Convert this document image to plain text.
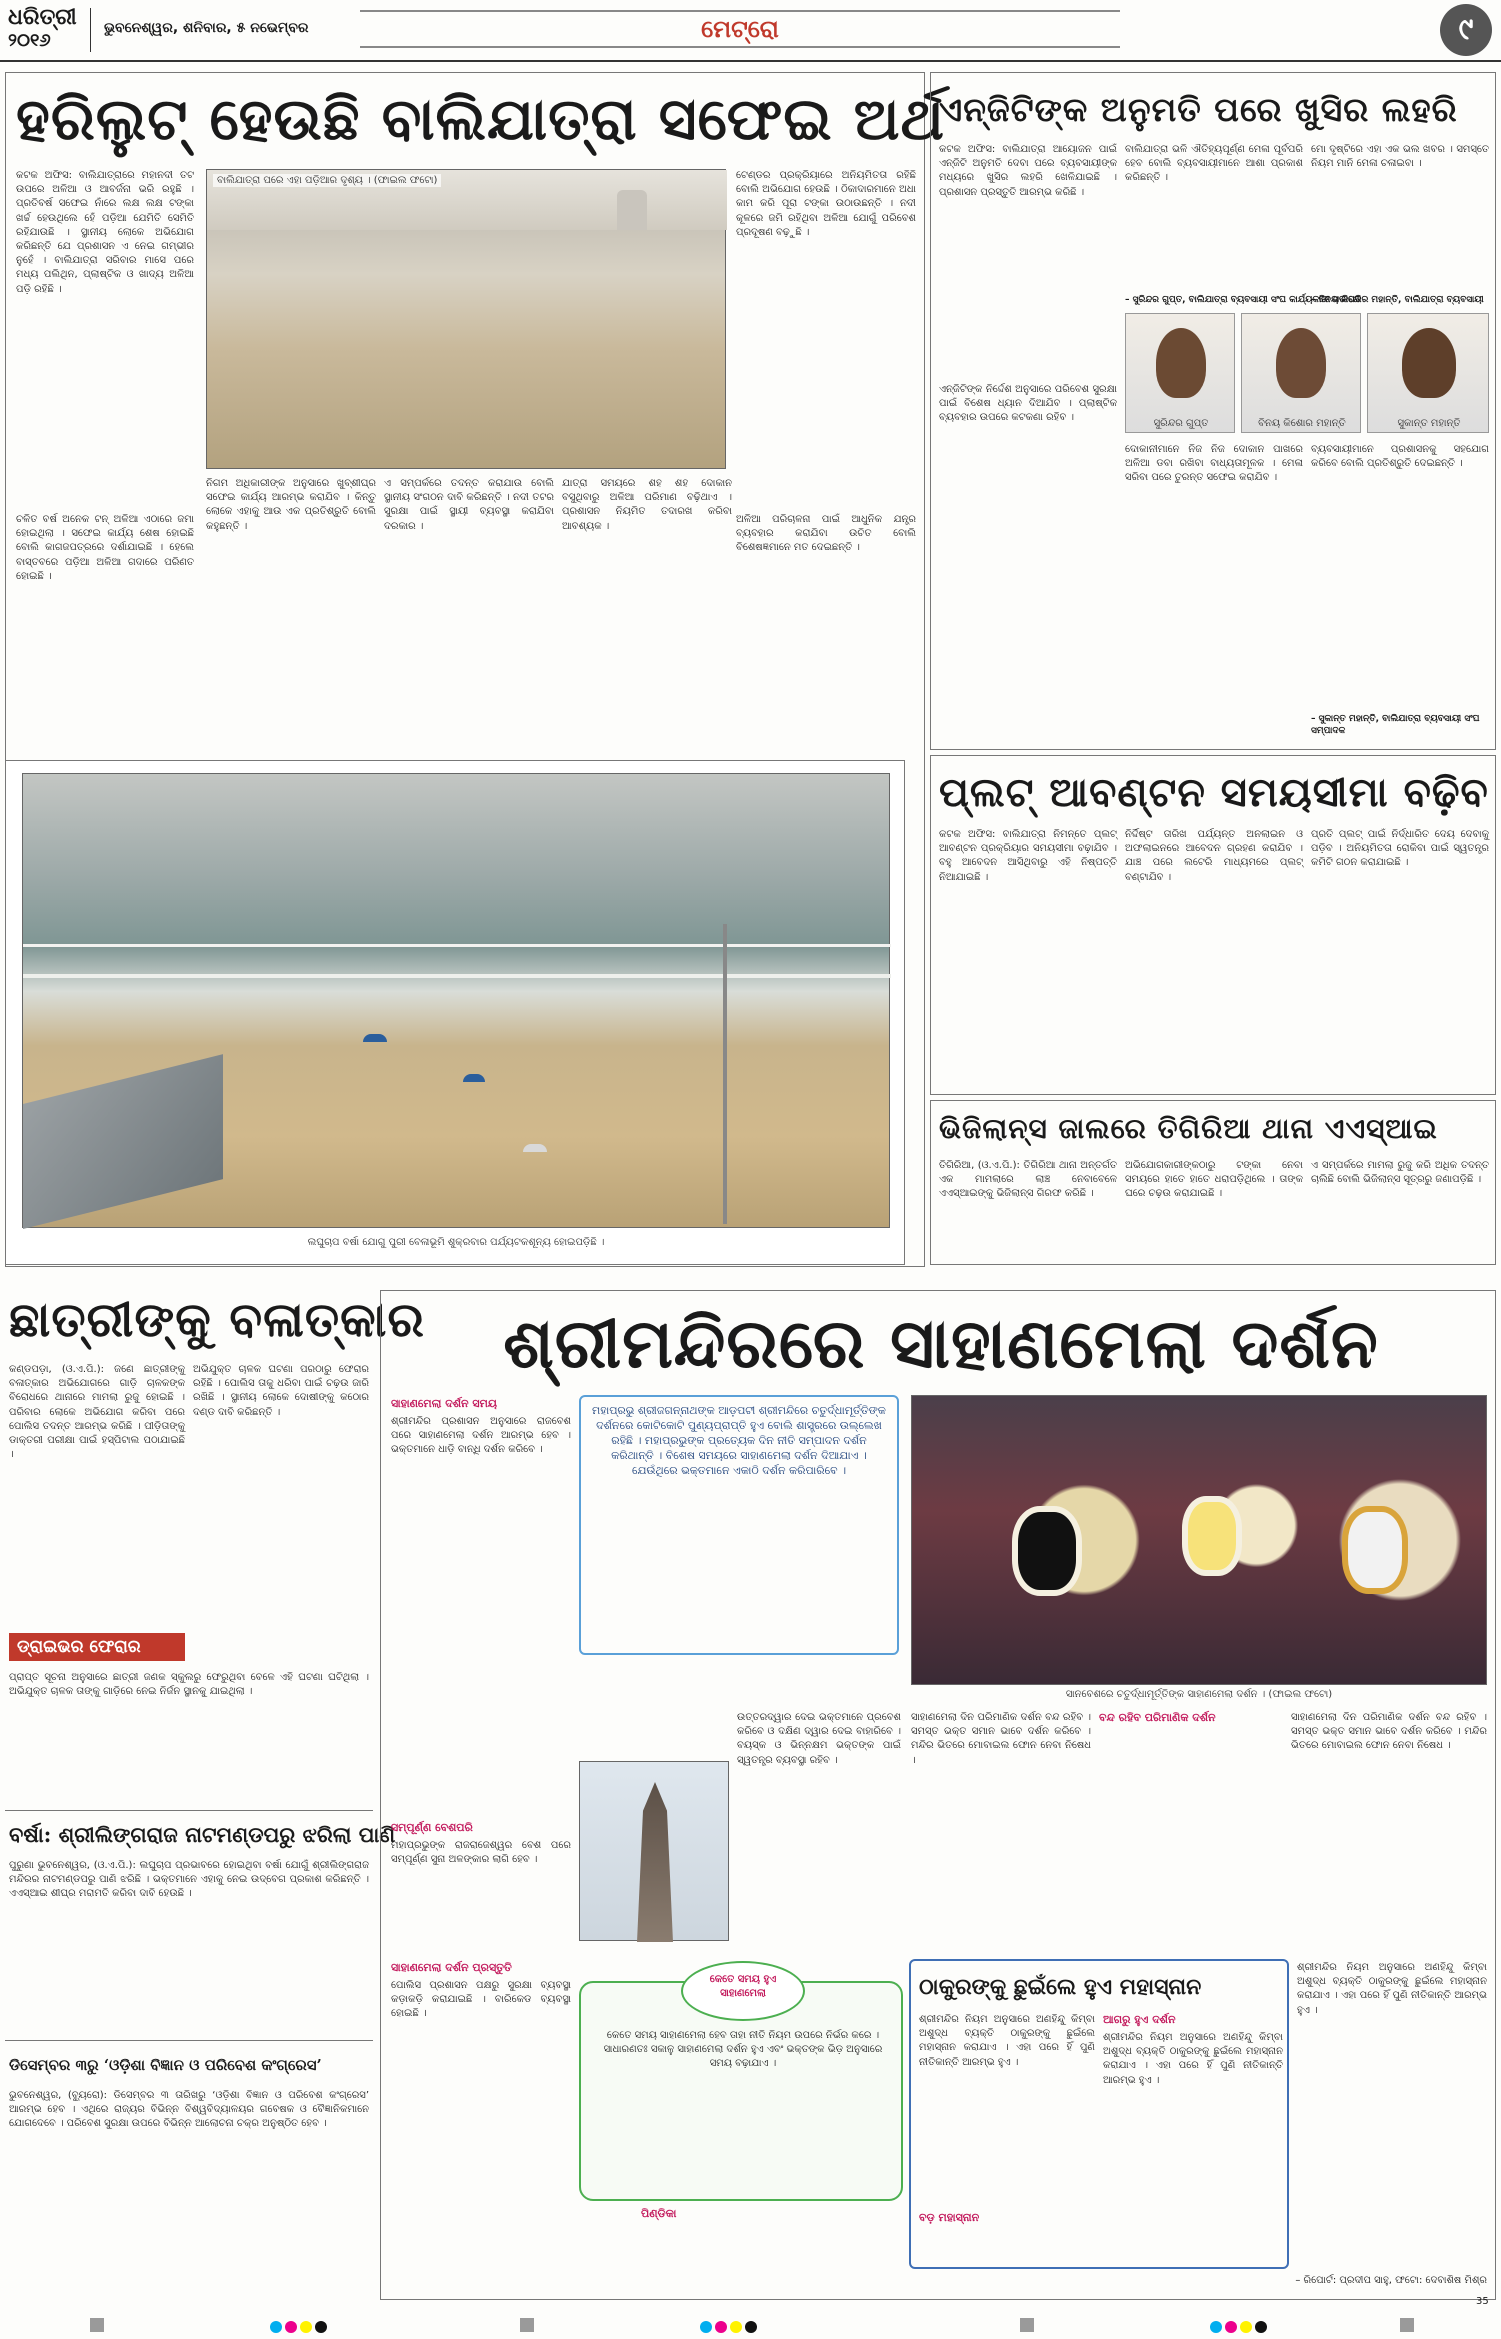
ଧରିତ୍ରୀ
୨୦୧୬
ଭୁବନେଶ୍ୱର, ଶନିବାର, ୫ ନଭେମ୍ବର	ମେଟ୍ରୋ	୯
ହରିଲୁଟ୍‌ ହେଉଛି ବାଲିଯାତ୍ରା ସଫେଇ ଅର୍ଥ
କଟକ ଅଫିସ: ବାଲିଯାତ୍ରାରେ ମହାନଦୀ ତଟ ଉପରେ ଅଳିଆ ଓ ଆବର୍ଜନା ଭରି ରହୁଛି । ପ୍ରତିବର୍ଷ ସଫେଇ ନାଁରେ ଲକ୍ଷ ଲକ୍ଷ ଟଙ୍କା ଖର୍ଚ୍ଚ ହେଉଥିଲେ ହେଁ ପଡ଼ିଆ ଯେମିତି ସେମିତି ରହିଯାଉଛି । ସ୍ଥାନୀୟ ଲୋକେ ଅଭିଯୋଗ କରିଛନ୍ତି ଯେ ପ୍ରଶାସନ ଏ ନେଇ ଗମ୍ଭୀର ନୁହେଁ । ବାଲିଯାତ୍ରା ସରିବାର ମାସେ ପରେ ମଧ୍ୟ ପଲିଥିନ, ପ୍ଲାଷ୍ଟିକ ଓ ଖାଦ୍ୟ ଅଳିଆ ପଡ଼ି ରହିଛି ।
ବାଲିଯାତ୍ରା ପରେ ଏହା ପଡ଼ିଆର ଦୃଶ୍ୟ । (ଫାଇଲ ଫଟୋ)	ଟେଣ୍ଡର ପ୍ରକ୍ରିୟାରେ ଅନିୟମିତତା ରହିଛି ବୋଲି ଅଭିଯୋଗ ହେଉଛି । ଠିକାଦାରମାନେ ଅଧା କାମ କରି ପୂରା ଟଙ୍କା ଉଠାଉଛନ୍ତି । ନଦୀ କୂଳରେ ଜମି ରହିଥିବା ଅଳିଆ ଯୋଗୁଁ ପରିବେଶ ପ୍ରଦୂଷଣ ବଢ଼ୁଛି ।
ଚଳିତ ବର୍ଷ ଅନେକ ଟନ୍‌ ଅଳିଆ ଏଠାରେ ଜମା ହୋଇଥିଲା । ସଫେଇ କାର୍ଯ୍ୟ ଶେଷ ହୋଇଛି ବୋଲି କାଗଜପତ୍ରରେ ଦର୍ଶାଯାଇଛି । ହେଲେ ବାସ୍ତବରେ ପଡ଼ିଆ ଅଳିଆ ଗଦାରେ ପରିଣତ ହୋଇଛି ।
ନିଗମ ଅଧିକାରୀଙ୍କ ଅନୁସାରେ ଖୁବ୍‌ଶୀଘ୍ର ସଫେଇ କାର୍ଯ୍ୟ ଆରମ୍ଭ କରାଯିବ । କିନ୍ତୁ ଲୋକେ ଏହାକୁ ଆଉ ଏକ ପ୍ରତିଶ୍ରୁତି ବୋଲି କହୁଛନ୍ତି ।
ଏ ସମ୍ପର୍କରେ ତଦନ୍ତ କରାଯାଉ ବୋଲି ସ୍ଥାନୀୟ ସଂଗଠନ ଦାବି କରିଛନ୍ତି । ନଦୀ ତଟର ସୁରକ୍ଷା ପାଇଁ ସ୍ଥାୟୀ ବ୍ୟବସ୍ଥା କରାଯିବା ଦରକାର ।
ଯାତ୍ରା ସମୟରେ ଶହ ଶହ ଦୋକାନ ବସୁଥିବାରୁ ଅଳିଆ ପରିମାଣ ବଢ଼ିଥାଏ । ପ୍ରଶାସନ ନିୟମିତ ତଦାରଖ କରିବା ଆବଶ୍ୟକ ।
ଅଳିଆ ପରିଚାଳନା ପାଇଁ ଆଧୁନିକ ଯନ୍ତ୍ର ବ୍ୟବହାର କରାଯିବା ଉଚିତ ବୋଲି ବିଶେଷଜ୍ଞମାନେ ମତ ଦେଇଛନ୍ତି ।
ଲଘୁଚାପ ବର୍ଷା ଯୋଗୁ ପୁରୀ ବେଳାଭୂମି ଶୁକ୍ରବାର ପର୍ଯ୍ୟଟକଶୂନ୍ୟ ହୋଇପଡ଼ିଛି ।
ଏନ୍‌ଜିଟିଙ୍କ ଅନୁମତି ପରେ ଖୁସିର ଲହରି
କଟକ ଅଫିସ: ବାଲିଯାତ୍ରା ଆୟୋଜନ ପାଇଁ ଏନ୍‌ଜିଟି ଅନୁମତି ଦେବା ପରେ ବ୍ୟବସାୟୀଙ୍କ ମଧ୍ୟରେ ଖୁସିର ଲହରି ଖେଳିଯାଇଛି । ପ୍ରଶାସନ ପ୍ରସ୍ତୁତି ଆରମ୍ଭ କରିଛି ।
ବାଲିଯାତ୍ରା ଭଳି ଐତିହ୍ୟପୂର୍ଣ୍ଣ ମେଳା ପୂର୍ବପରି ହେବ ବୋଲି ବ୍ୟବସାୟୀମାନେ ଆଶା ପ୍ରକାଶ କରିଛନ୍ତି ।
ମୋ ଦୃଷ୍ଟିରେ ଏହା ଏକ ଭଲ ଖବର । ସମସ୍ତେ ନିୟମ ମାନି ମେଳା ଚଳାଇବା ।
ସୁରିନ୍ଦର ଗୁପ୍ତ	ବିନୟ କିଶୋର ମହାନ୍ତି	ସୁକାନ୍ତ ମହାନ୍ତି
– ସୁରିନ୍ଦର ଗୁପ୍ତ, ବାଲିଯାତ୍ରା ବ୍ୟବସାୟୀ ସଂଘ କାର୍ଯ୍ୟକାରୀ ସଭାପତି
– ବିନୟ କିଶୋର ମହାନ୍ତି, ବାଲିଯାତ୍ରା ବ୍ୟବସାୟୀ
ଏନ୍‌ଜିଟିଙ୍କ ନିର୍ଦ୍ଦେଶ ଅନୁସାରେ ପରିବେଶ ସୁରକ୍ଷା ପାଇଁ ବିଶେଷ ଧ୍ୟାନ ଦିଆଯିବ । ପ୍ଲାଷ୍ଟିକ ବ୍ୟବହାର ଉପରେ କଟକଣା ରହିବ ।
ଦୋକାନୀମାନେ ନିଜ ନିଜ ଦୋକାନ ପାଖରେ ଅଳିଆ ଡବା ରଖିବା ବାଧ୍ୟତାମୂଳକ । ମେଳା ସରିବା ପରେ ତୁରନ୍ତ ସଫେଇ କରାଯିବ ।
ବ୍ୟବସାୟୀମାନେ ପ୍ରଶାସନକୁ ସହଯୋଗ କରିବେ ବୋଲି ପ୍ରତିଶ୍ରୁତି ଦେଇଛନ୍ତି ।
– ସୁକାନ୍ତ ମହାନ୍ତି, ବାଲିଯାତ୍ରା ବ୍ୟବସାୟୀ ସଂଘ ସମ୍ପାଦକ
ପ୍ଲଟ୍‌ ଆବଣ୍ଟନ ସମୟସୀମା ବଢ଼ିବ
କଟକ ଅଫିସ: ବାଲିଯାତ୍ରା ନିମନ୍ତେ ପ୍ଲଟ୍‌ ଆବଣ୍ଟନ ପ୍ରକ୍ରିୟାର ସମୟସୀମା ବଢ଼ାଯିବ । ବହୁ ଆବେଦନ ଆସିଥିବାରୁ ଏହି ନିଷ୍ପତ୍ତି ନିଆଯାଇଛି ।
ନିର୍ଦ୍ଦିଷ୍ଟ ତାରିଖ ପର୍ଯ୍ୟନ୍ତ ଅନଲାଇନ ଓ ଅଫଲାଇନରେ ଆବେଦନ ଗ୍ରହଣ କରାଯିବ । ଯାଞ୍ଚ ପରେ ଲଟେରି ମାଧ୍ୟମରେ ପ୍ଲଟ୍‌ ବଣ୍ଟାଯିବ ।
ପ୍ରତି ପ୍ଲଟ୍‌ ପାଇଁ ନିର୍ଦ୍ଧାରିତ ଦେୟ ଦେବାକୁ ପଡ଼ିବ । ଅନିୟମିତତା ରୋକିବା ପାଇଁ ସ୍ୱତନ୍ତ୍ର କମିଟି ଗଠନ କରାଯାଇଛି ।
ଭିଜିଲାନ୍ସ ଜାଲରେ ତିଗିରିଆ ଥାନା ଏଏସ୍‌ଆଇ
ତିଗିରିଆ, (ଓ.ଏ.ପି.): ତିଗିରିଆ ଥାନା ଅନ୍ତର୍ଗତ ଏକ ମାମଲାରେ ଲାଞ୍ଚ ନେବାବେଳେ ଏଏସ୍‌ଆଇଙ୍କୁ ଭିଜିଲାନ୍ସ ଗିରଫ କରିଛି ।
ଅଭିଯୋଗକାରୀଙ୍କଠାରୁ ଟଙ୍କା ନେବା ସମୟରେ ହାତେ ହାତେ ଧରାପଡ଼ିଥିଲେ । ତାଙ୍କ ଘରେ ଚଢ଼ଉ କରାଯାଇଛି ।
ଏ ସମ୍ପର୍କରେ ମାମଲା ରୁଜୁ କରି ଅଧିକ ତଦନ୍ତ ଚାଲିଛି ବୋଲି ଭିଜିଲାନ୍ସ ସୂତ୍ରରୁ ଜଣାପଡ଼ିଛି ।
ଛାତ୍ରୀଙ୍କୁ ବଳାତ୍କାର
କଣ୍ଡପଡ଼ା, (ଓ.ଏ.ପି.): ଜଣେ ଛାତ୍ରୀଙ୍କୁ ବଳାତ୍କାର ଅଭିଯୋଗରେ ଗାଡ଼ି ଚାଳକଙ୍କ ବିରୋଧରେ ଥାନାରେ ମାମଲା ରୁଜୁ ହୋଇଛି । ପରିବାର ଲୋକେ ଅଭିଯୋଗ କରିବା ପରେ ପୋଲିସ ତଦନ୍ତ ଆରମ୍ଭ କରିଛି । ପୀଡ଼ିତାଙ୍କୁ ଡାକ୍ତରୀ ପରୀକ୍ଷା ପାଇଁ ହସ୍ପିଟାଲ ପଠାଯାଇଛି ।
ଅଭିଯୁକ୍ତ ଚାଳକ ଘଟଣା ପରଠାରୁ ଫେରାର ରହିଛି । ପୋଲିସ ତାକୁ ଧରିବା ପାଇଁ ଚଢ଼ଉ ଜାରି ରଖିଛି । ସ୍ଥାନୀୟ ଲୋକେ ଦୋଷୀଙ୍କୁ କଠୋର ଦଣ୍ଡ ଦାବି କରିଛନ୍ତି ।
ଡ୍ରାଇଭର ଫେରାର
ପ୍ରାପ୍ତ ସୂଚନା ଅନୁସାରେ ଛାତ୍ରୀ ଜଣକ ସ୍କୁଲରୁ ଫେରୁଥିବା ବେଳେ ଏହି ଘଟଣା ଘଟିଥିଲା । ଅଭିଯୁକ୍ତ ଚାଳକ ତାଙ୍କୁ ଗାଡ଼ିରେ ନେଇ ନିର୍ଜନ ସ୍ଥାନକୁ ଯାଇଥିଲା ।
ବର୍ଷା: ଶ୍ରୀଲିଙ୍ଗରାଜ ନାଟମଣ୍ଡପରୁ ଝରିଲା ପାଣି
ପୁରୁଣା ଭୁବନେଶ୍ୱର, (ଓ.ଏ.ପି.): ଲଘୁଚାପ ପ୍ରଭାବରେ ହୋଇଥିବା ବର୍ଷା ଯୋଗୁଁ ଶ୍ରୀଲିଙ୍ଗରାଜ ମନ୍ଦିରର ନାଟମଣ୍ଡପରୁ ପାଣି ଝରିଛି । ଭକ୍ତମାନେ ଏହାକୁ ନେଇ ଉଦ୍‌ବେଗ ପ୍ରକାଶ କରିଛନ୍ତି । ଏଏସ୍‌ଆଇ ଶୀଘ୍ର ମରାମତି କରିବା ଦାବି ହେଉଛି ।
ଡିସେମ୍ବର ୩ରୁ ‘ଓଡ଼ିଶା ବିଜ୍ଞାନ ଓ ପରିବେଶ କଂଗ୍ରେସ’
ଭୁବନେଶ୍ୱର, (ବ୍ୟୁରୋ): ଡିସେମ୍ବର ୩ ତାରିଖରୁ ‘ଓଡ଼ିଶା ବିଜ୍ଞାନ ଓ ପରିବେଶ କଂଗ୍ରେସ’ ଆରମ୍ଭ ହେବ । ଏଥିରେ ରାଜ୍ୟର ବିଭିନ୍ନ ବିଶ୍ୱବିଦ୍ୟାଳୟର ଗବେଷକ ଓ ବୈଜ୍ଞାନିକମାନେ ଯୋଗଦେବେ । ପରିବେଶ ସୁରକ୍ଷା ଉପରେ ବିଭିନ୍ନ ଆଲୋଚନା ଚକ୍ର ଅନୁଷ୍ଠିତ ହେବ ।
ଶ୍ରୀମନ୍ଦିରରେ ସାହାଣମେଲା ଦର୍ଶନ
ସାହାଣମେଲା ଦର୍ଶନ ସମୟ
ଶ୍ରୀମନ୍ଦିର ପ୍ରଶାସନ ଅନୁସାରେ ରାଜବେଶ ପରେ ସାହାଣମେଲା ଦର୍ଶନ ଆରମ୍ଭ ହେବ । ଭକ୍ତମାନେ ଧାଡ଼ି ବାନ୍ଧି ଦର୍ଶନ କରିବେ ।
ସମ୍ପୂର୍ଣ୍ଣ ବେଶପରି
ମହାପ୍ରଭୁଙ୍କ ରାଜରାଜେଶ୍ୱର ବେଶ ପରେ ସମ୍ପୂର୍ଣ୍ଣ ସୁନା ଅଳଙ୍କାର ଲାଗି ହେବ ।
ସାହାଣମେଲା ଦର୍ଶନ ପ୍ରସ୍ତୁତି
ପୋଲିସ ପ୍ରଶାସନ ପକ୍ଷରୁ ସୁରକ୍ଷା ବ୍ୟବସ୍ଥା କଡ଼ାକଡ଼ି କରାଯାଇଛି । ବାରିକେଡ ବ୍ୟବସ୍ଥା ହୋଇଛି ।
ମହାପ୍ରଭୁ ଶ୍ରୀଜଗନ୍ନାଥଙ୍କ ଆଡ଼ପଟୀ ଶ୍ରୀମନ୍ଦିରେ ଚତୁର୍ଦ୍ଧାମୂର୍ତ୍ତିଙ୍କ ଦର୍ଶନରେ କୋଟିକୋଟି ପୁଣ୍ୟପ୍ରାପ୍ତି ହୁଏ ବୋଲି ଶାସ୍ତ୍ରରେ ଉଲ୍ଲେଖ ରହିଛି । ମହାପ୍ରଭୁଙ୍କ ପ୍ରତ୍ୟେକ ଦିନ ନୀତି ସମ୍ପାଦନ ଦର୍ଶନ କରିଥାନ୍ତି । ବିଶେଷ ସମୟରେ ସାହାଣମେଲା ଦର୍ଶନ ଦିଆଯାଏ । ଯେଉଁଥିରେ ଭକ୍ତମାନେ ଏକାଠି ଦର୍ଶନ କରିପାରିବେ ।
ସାନବେଶରେ ଚତୁର୍ଦ୍ଧାମୂର୍ତ୍ତିଙ୍କ ସାହାଣମେଲା ଦର୍ଶନ । (ଫାଇଲ ଫଟୋ)
ଉତ୍ତରଦ୍ୱାର ଦେଇ ଭକ୍ତମାନେ ପ୍ରବେଶ କରିବେ ଓ ଦକ୍ଷିଣ ଦ୍ୱାର ଦେଇ ବାହାରିବେ । ବୟସ୍କ ଓ ଭିନ୍ନକ୍ଷମ ଭକ୍ତଙ୍କ ପାଇଁ ସ୍ୱତନ୍ତ୍ର ବ୍ୟବସ୍ଥା ରହିବ ।
କେତେ ସମୟ ହୁଏ ସାହାଣମେଲା
କେତେ ସମୟ ସାହାଣମେଲା ହେବ ତାହା ନୀତି ନିୟମ ଉପରେ ନିର୍ଭର କରେ । ସାଧାରଣତଃ ସକାଳୁ ସାହାଣମେଲା ଦର୍ଶନ ହୁଏ ଏବଂ ଭକ୍ତଙ୍କ ଭିଡ଼ ଅନୁସାରେ ସମୟ ବଢ଼ାଯାଏ ।
ପିଣ୍ଡିକା
ବନ୍ଦ ରହିବ ପରିମାଣିକ ଦର୍ଶନ
ସାହାଣମେଲା ଦିନ ପରିମାଣିକ ଦର୍ଶନ ବନ୍ଦ ରହିବ । ସମସ୍ତ ଭକ୍ତ ସମାନ ଭାବେ ଦର୍ଶନ କରିବେ । ମନ୍ଦିର ଭିତରେ ମୋବାଇଲ ଫୋନ ନେବା ନିଷେଧ ।
ସାହାଣମେଲା ଦିନ ପରିମାଣିକ ଦର୍ଶନ ବନ୍ଦ ରହିବ । ସମସ୍ତ ଭକ୍ତ ସମାନ ଭାବେ ଦର୍ଶନ କରିବେ । ମନ୍ଦିର ଭିତରେ ମୋବାଇଲ ଫୋନ ନେବା ନିଷେଧ ।
ଠାକୁରଙ୍କୁ ଛୁଇଁଲେ ହୁଏ ମହାସ୍ନାନ
ଶ୍ରୀମନ୍ଦିର ନିୟମ ଅନୁସାରେ ଅଣହିନ୍ଦୁ କିମ୍ବା ଅଶୁଦ୍ଧ ବ୍ୟକ୍ତି ଠାକୁରଙ୍କୁ ଛୁଇଁଲେ ମହାସ୍ନାନ କରାଯାଏ । ଏହା ପରେ ହିଁ ପୁଣି ନୀତିକାନ୍ତି ଆରମ୍ଭ ହୁଏ ।
ଆଗରୁ ହୁଏ ଦର୍ଶନ
ଶ୍ରୀମନ୍ଦିର ନିୟମ ଅନୁସାରେ ଅଣହିନ୍ଦୁ କିମ୍ବା ଅଶୁଦ୍ଧ ବ୍ୟକ୍ତି ଠାକୁରଙ୍କୁ ଛୁଇଁଲେ ମହାସ୍ନାନ କରାଯାଏ । ଏହା ପରେ ହିଁ ପୁଣି ନୀତିକାନ୍ତି ଆରମ୍ଭ ହୁଏ ।
ବଡ଼ ମହାସ୍ନାନ
ଶ୍ରୀମନ୍ଦିର ନିୟମ ଅନୁସାରେ ଅଣହିନ୍ଦୁ କିମ୍ବା ଅଶୁଦ୍ଧ ବ୍ୟକ୍ତି ଠାକୁରଙ୍କୁ ଛୁଇଁଲେ ମହାସ୍ନାନ କରାଯାଏ । ଏହା ପରେ ହିଁ ପୁଣି ନୀତିକାନ୍ତି ଆରମ୍ଭ ହୁଏ ।
– ରିପୋର୍ଟ: ପ୍ରଦୀପ ସାହୁ, ଫଟୋ: ଦେବାଶିଷ ମିଶ୍ର
35
